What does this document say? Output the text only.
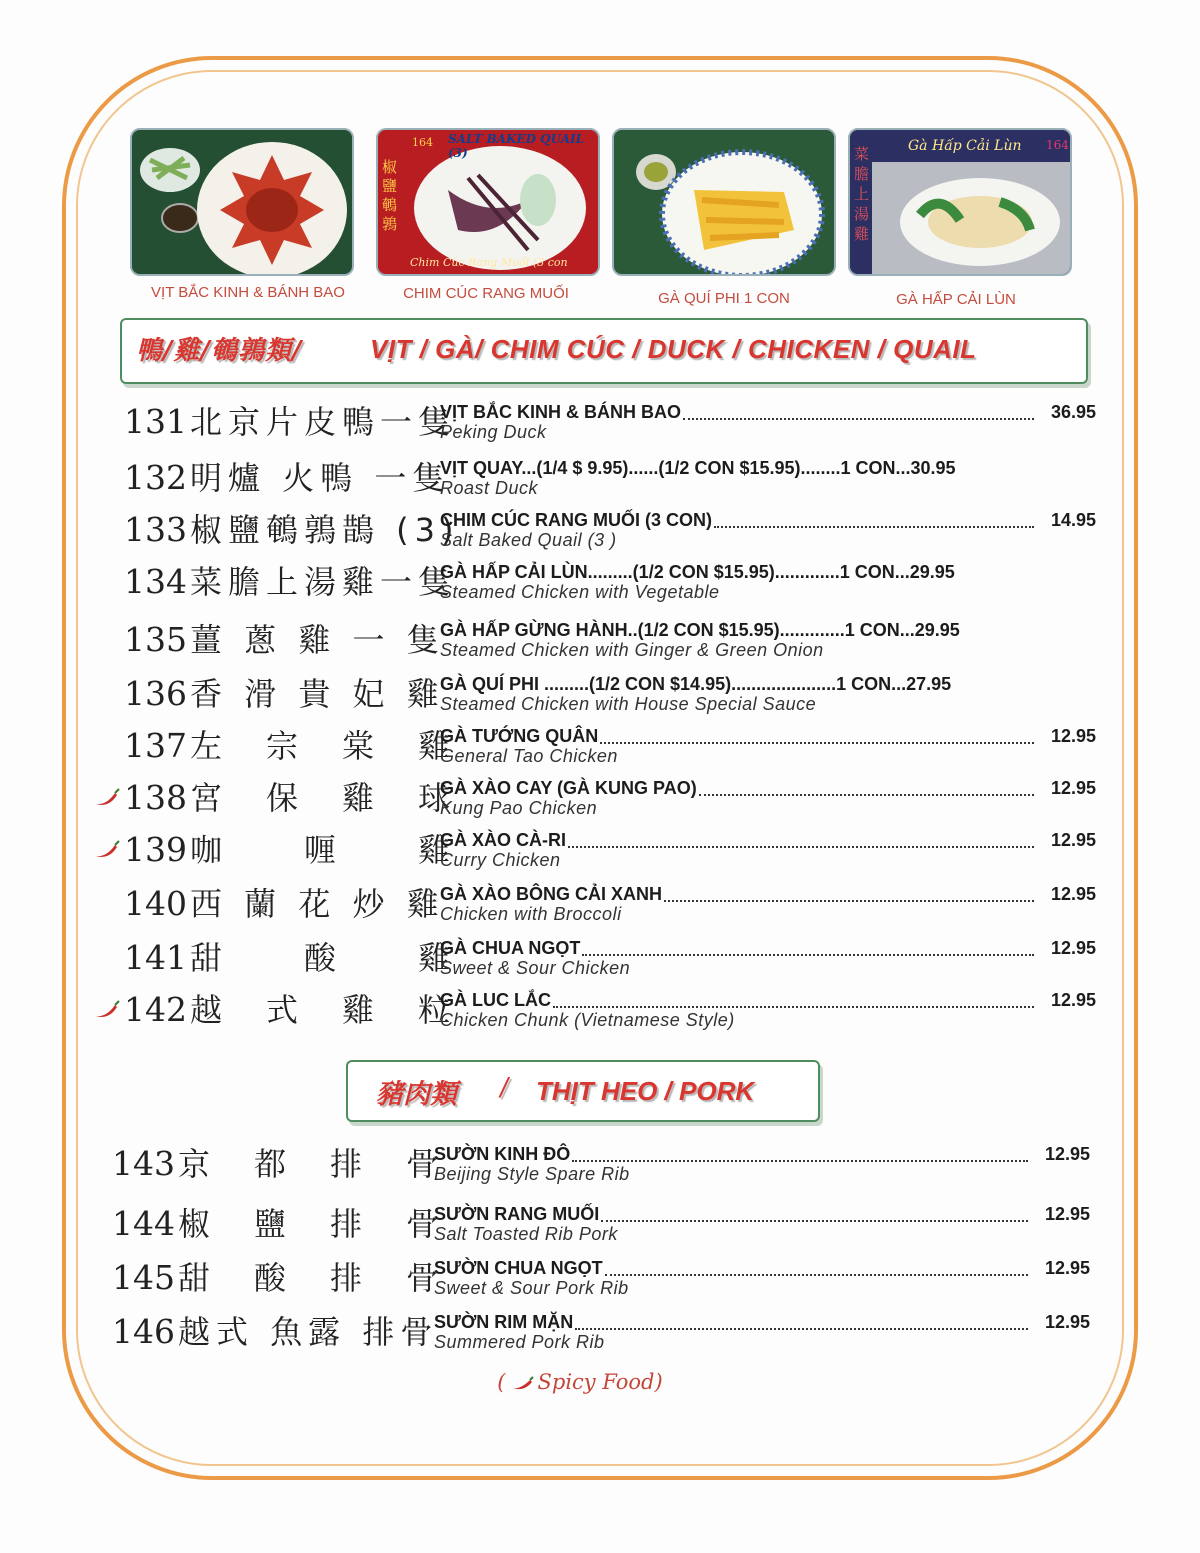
VỊT BẮC KINH & BÁNH BAO
SALT BAKED QUAIL (3)
164
椒鹽鵪鶉
Chim Cúc Rang Muối (3 con
CHIM CÚC RANG MUỐI	GÀ QUÍ PHI 1 CON
Gà Hấp Cải Lùn 164
菜膽上湯雞
GÀ HẤP CẢI LÙN
鴨/雞/鵪鶉類/	VỊT / GÀ/ CHIM CÚC / DUCK / CHICKEN / QUAIL
131 北京片皮鴨一隻
VỊT BẮC KINH & BÁNH BAO	36.95
Peking Duck
132 明爐 火鴨 一隻
VỊT QUAY...(1/4 $ 9.95)......(1/2 CON $15.95)........1 CON...30.95
Roast Duck
133 椒鹽鵪鶉鵲 (3)
CHIM CÚC RANG MUỐI (3 CON)	14.95
Salt Baked Quail (3 )
134 菜膽上湯雞一隻
GÀ HẤP CẢI LÙN.........(1/2 CON $15.95).............1 CON...29.95
Steamed Chicken with Vegetable
135 薑 蔥 雞 一 隻
GÀ HẤP GỪNG HÀNH..(1/2 CON $15.95).............1 CON...29.95
Steamed Chicken with Ginger & Green Onion
136 香 滑 貴 妃 雞
GÀ QUÍ PHI .........(1/2 CON $14.95).....................1 CON...27.95
Steamed Chicken with House Special Sauce
137 左　宗　棠　雞
GÀ TƯỚNG QUÂN	12.95
General Tao Chicken
138 宮　保　雞　球
GÀ XÀO CAY (GÀ KUNG PAO)	12.95
Kung Pao Chicken
139 咖　　喱　　雞
GÀ XÀO CÀ-RI	12.95
Curry Chicken
140 西 蘭 花 炒 雞
GÀ XÀO BÔNG CẢI XANH	12.95
Chicken with Broccoli
141 甜　　酸　　雞
GÀ CHUA NGỌT	12.95
Sweet & Sour Chicken
142 越　式　雞　粒
GÀ LUC LẮC	12.95
Chicken Chunk (Vietnamese Style)
豬肉類 / THỊT HEO / PORK
143 京　都　排　骨
SƯỜN KINH ĐÔ	12.95
Beijing Style Spare Rib
144 椒　鹽　排　骨
SƯỜN RANG MUỐI	12.95
Salt Toasted Rib Pork
145 甜　酸　排　骨
SƯỜN CHUA NGỌT	12.95
Sweet & Sour Pork Rib
146 越式 魚露 排骨
SƯỜN RIM MẶN	12.95
Summered Pork Rib
( Spicy Food)
